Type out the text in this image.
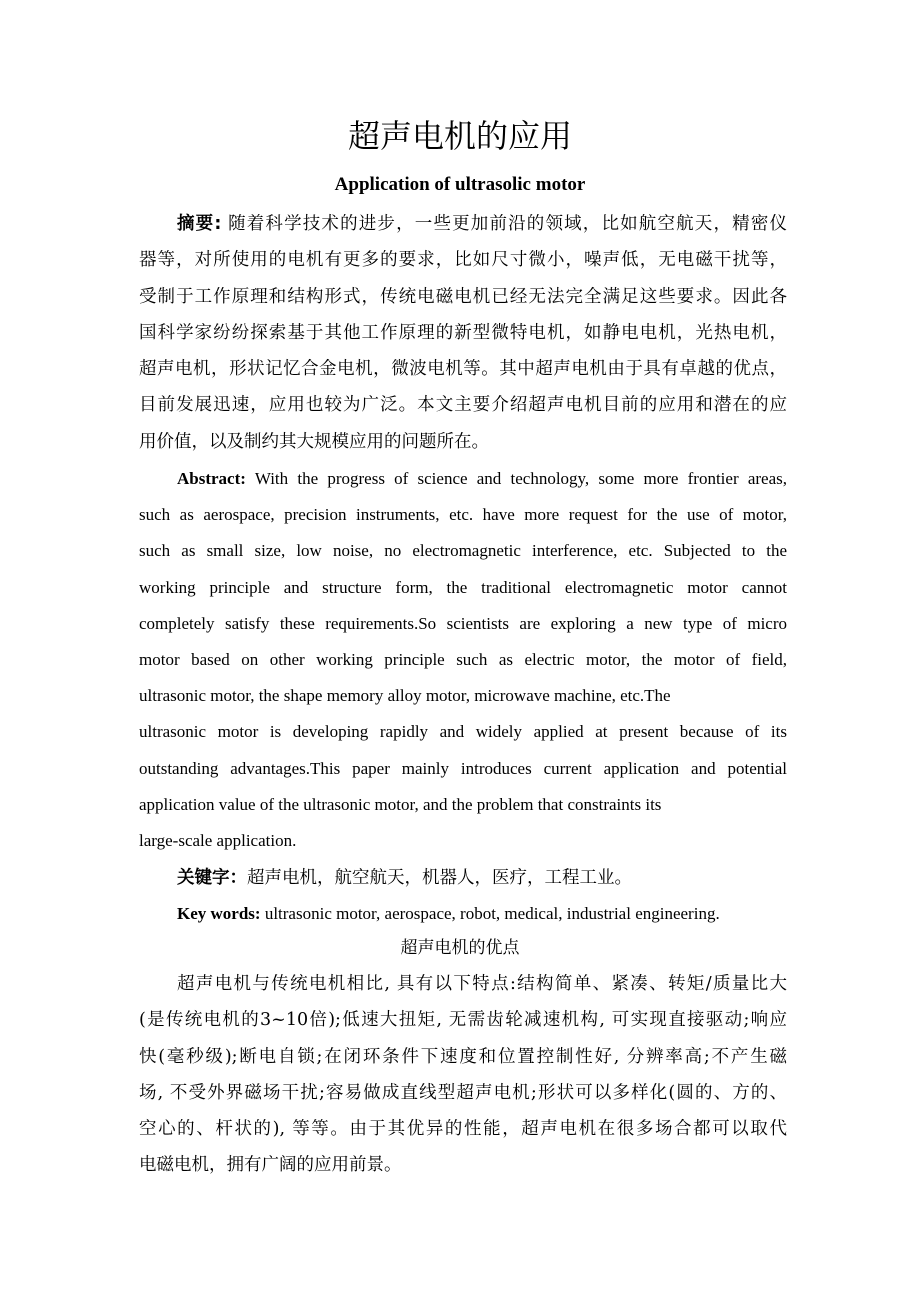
超声电机的应用
Application of ultrasolic motor
摘要: 随着科学技术的进步，一些更加前沿的领域，比如航空航天，精密仪
器等，对所使用的电机有更多的要求，比如尺寸微小，噪声低，无电磁干扰等，
受制于工作原理和结构形式，传统电磁电机已经无法完全满足这些要求。因此各
国科学家纷纷探索基于其他工作原理的新型微特电机，如静电电机，光热电机，
超声电机，形状记忆合金电机，微波电机等。其中超声电机由于具有卓越的优点，
目前发展迅速，应用也较为广泛。本文主要介绍超声电机目前的应用和潜在的应
用价值，以及制约其大规模应用的问题所在。
Abstract: With the progress of science and technology, some more frontier areas,
such as aerospace, precision instruments, etc. have more request for the use of motor,
such as small size, low noise, no electromagnetic interference, etc. Subjected to the
working principle and structure form, the traditional electromagnetic motor cannot
completely satisfy these requirements.So scientists are exploring a new type of micro
motor based on other working principle such as electric motor, the motor of field,
ultrasonic motor, the shape memory alloy motor, microwave machine, etc.The
ultrasonic motor is developing rapidly and widely applied at present because of its
outstanding advantages.This paper mainly introduces current application and potential
application value of the ultrasonic motor, and the problem that constraints its
large-scale application.
关键字：超声电机，航空航天，机器人，医疗，工程工业。
Key words: ultrasonic motor, aerospace, robot, medical, industrial engineering.
超声电机的优点
超声电机与传统电机相比, 具有以下特点:结构简单、紧凑、转矩/质量比大
(是传统电机的3~10倍);低速大扭矩, 无需齿轮减速机构, 可实现直接驱动;响应
快(毫秒级);断电自锁;在闭环条件下速度和位置控制性好, 分辨率高;不产生磁
场, 不受外界磁场干扰;容易做成直线型超声电机;形状可以多样化(圆的、方的、
空心的、杆状的), 等等。由于其优异的性能，超声电机在很多场合都可以取代
电磁电机，拥有广阔的应用前景。
